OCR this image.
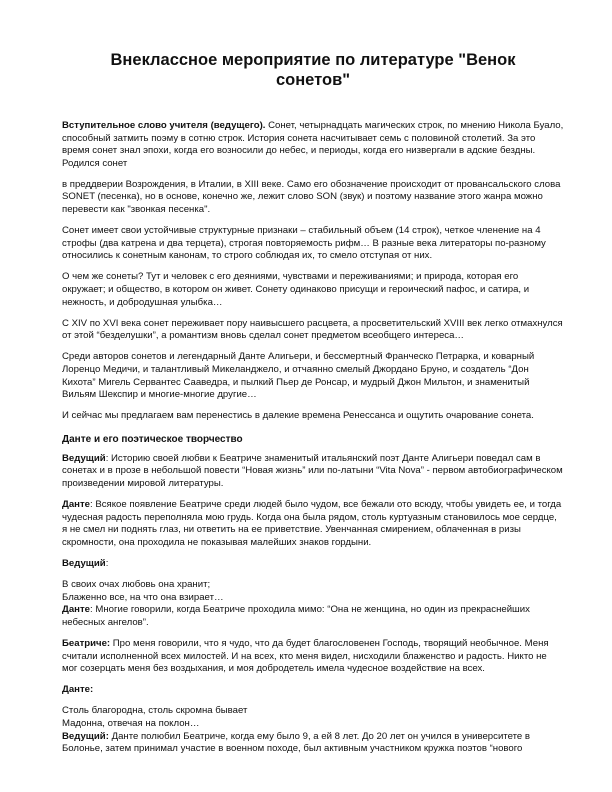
Внеклассное мероприятие по литературе "Венок сонетов"

Вступительное слово учителя (ведущего). Сонет, четырнадцать магических строк, по мнению Никола Буало, способный затмить поэму в сотню строк. История сонета насчитывает семь с половиной столетий. За это время сонет знал эпохи, когда его возносили до небес, и периоды, когда его низвергали в адские бездны. Родился сонет

в преддверии Возрождения, в Италии, в XIII веке. Само его обозначение происходит от провансальского слова SONET (песенка), но в основе, конечно же, лежит слово SON (звук) и поэтому название этого жанра можно перевести как "звонкая песенка".

Сонет имеет свои устойчивые структурные признаки – стабильный объем (14 строк), четкое членение на 4 строфы (два катрена и два терцета), строгая повторяемость рифм… В разные века литераторы по-разному относились к сонетным канонам, то строго соблюдая их, то смело отступая от них.

О чем же сонеты? Тут и человек с его деяниями, чувствами и переживаниями; и природа, которая его окружает; и общество, в котором он живет. Сонету одинаково присущи и героический пафос, и сатира, и нежность, и добродушная улыбка…

С XIV по XVI века сонет переживает пору наивысшего расцвета, а просветительский XVIII век легко отмахнулся от этой “безделушки”, а романтизм вновь сделал сонет предметом всеобщего интереса…

Среди авторов сонетов и легендарный Данте Алигьери, и бессмертный Франческо Петрарка, и коварный Лоренцо Медичи, и талантливый Микеланджело, и отчаянно смелый Джордано Бруно, и создатель “Дон Кихота” Мигель Сервантес Сааведра, и пылкий Пьер де Ронсар, и мудрый Джон Мильтон, и знаменитый Вильям Шекспир и многие-многие другие…

И сейчас мы предлагаем вам перенестись в далекие времена Ренессанса и ощутить очарование сонета.

Данте и его поэтическое творчество

Ведущий: Историю своей любви к Беатриче знаменитый итальянский поэт Данте Алигьери поведал сам в сонетах и в прозе в небольшой повести “Новая жизнь” или по-латыни “Vita Nova” - первом автобиографическом произведении мировой литературы.

Данте: Всякое появление Беатриче среди людей было чудом, все бежали ото всюду, чтобы увидеть ее, и тогда чудесная радость переполняла мою грудь. Когда она была рядом, столь куртуазным становилось мое сердце, я не смел ни поднять глаз, ни ответить на ее приветствие. Увенчанная смирением, облаченная в ризы скромности, она проходила не показывая малейших знаков гордыни.

Ведущий:

В своих очах любовь она хранит;

Блаженно все, на что она взирает…

Данте: Многие говорили, когда Беатриче проходила мимо: “Она не женщина, но один из прекраснейших небесных ангелов”.

Беатриче: Про меня говорили, что я чудо, что да будет благословенен Господь, творящий необычное. Меня считали исполненной всех милостей. И на всех, кто меня видел, нисходили блаженство и радость. Никто не мог созерцать меня без воздыхания, и моя добродетель имела чудесное воздействие на всех.

Данте:

Столь благородна, столь скромна бывает

Мадонна, отвечая на поклон…

Ведущий: Данте полюбил Беатриче, когда ему было 9, а ей 8 лет. До 20 лет он учился в университете в Болонье, затем принимал участие в военном походе, был активным участником кружка поэтов “нового
